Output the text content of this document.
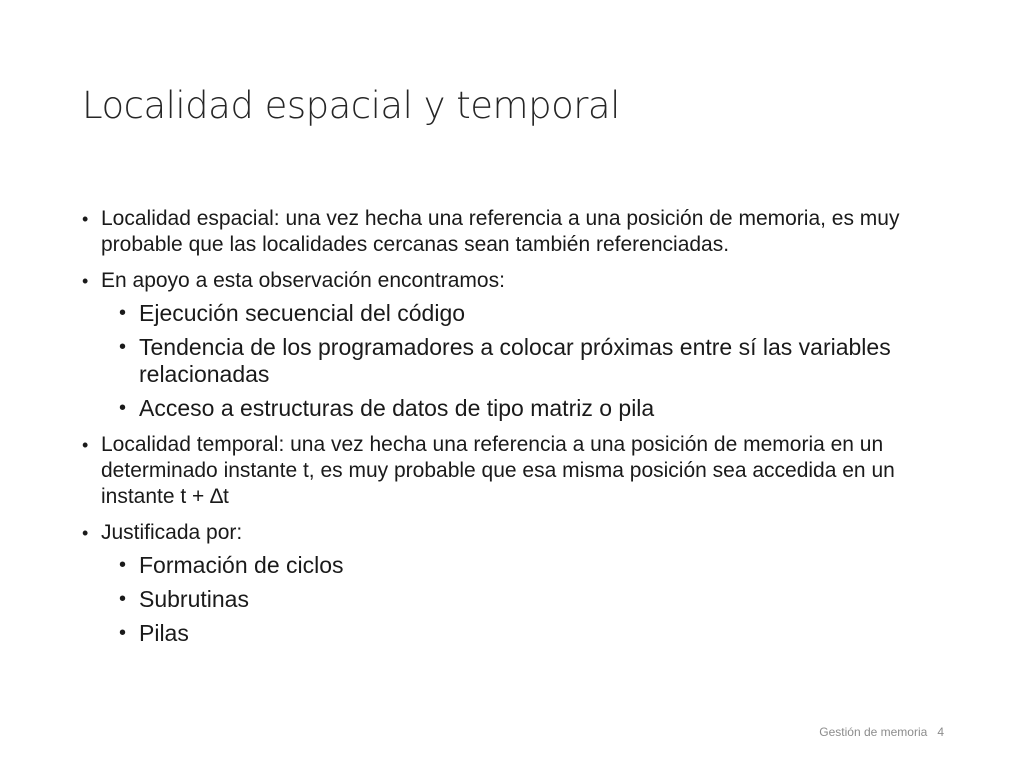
Localidad espacial y temporal
• Localidad espacial: una vez hecha una referencia a una posición de memoria, es muy probable que las localidades cercanas sean también referenciadas.
• En apoyo a esta observación encontramos:
• Ejecución secuencial del código
• Tendencia de los programadores a colocar próximas entre sí las variables relacionadas
• Acceso a estructuras de datos de tipo matriz o pila
• Localidad temporal: una vez hecha una referencia a una posición de memoria en un determinado instante t, es muy probable que esa misma posición sea accedida en un instante t + ∆t
• Justificada por:
• Formación de ciclos
• Subrutinas
• Pilas
Gestión de memoria 4
